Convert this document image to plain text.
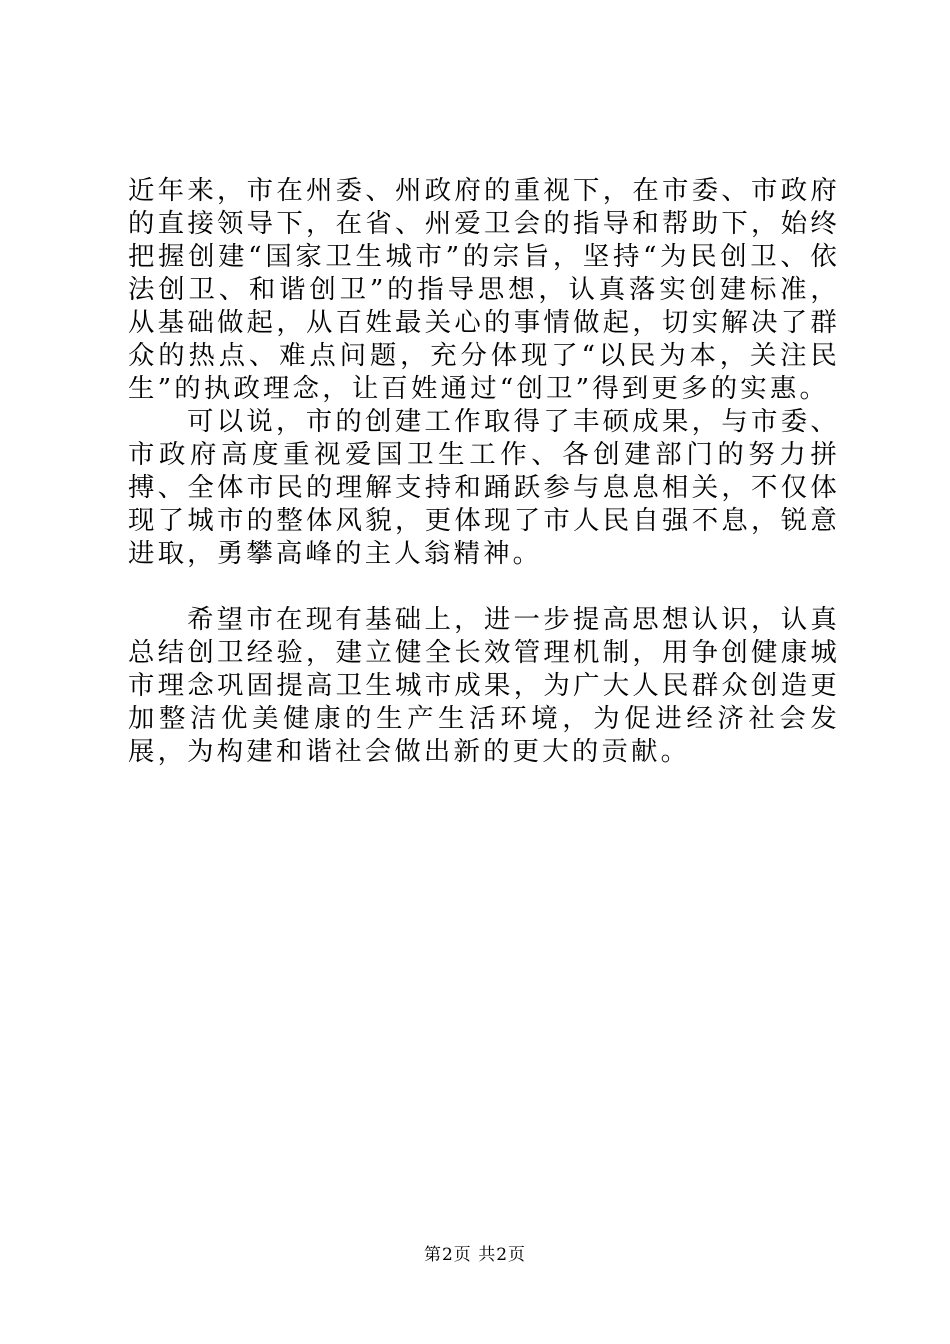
近年来，市在州委、州政府的重视下，在市委、市政府的直接领导下，在省、州爱卫会的指导和帮助下，始终把握创建“国家卫生城市”的宗旨，坚持“为民创卫、依法创卫、和谐创卫”的指导思想，认真落实创建标准，从基础做起，从百姓最关心的事情做起，切实解决了群众的热点、难点问题，充分体现了“以民为本，关注民生”的执政理念，让百姓通过“创卫”得到更多的实惠。

可以说，市的创建工作取得了丰硕成果，与市委、市政府高度重视爱国卫生工作、各创建部门的努力拼搏、全体市民的理解支持和踊跃参与息息相关，不仅体现了城市的整体风貌，更体现了市人民自强不息，锐意进取，勇攀高峰的主人翁精神。

希望市在现有基础上，进一步提高思想认识，认真总结创卫经验，建立健全长效管理机制，用争创健康城市理念巩固提高卫生城市成果，为广大人民群众创造更加整洁优美健康的生产生活环境，为促进经济社会发展，为构建和谐社会做出新的更大的贡献。

第2页 共2页
